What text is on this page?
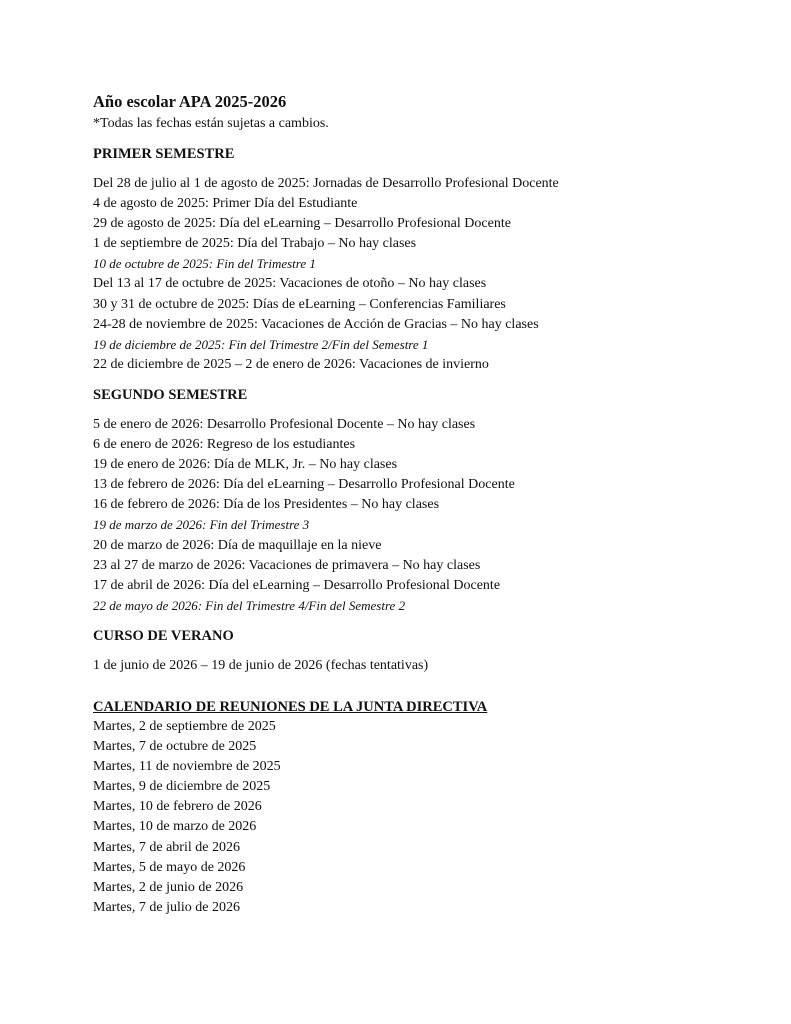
Año escolar APA 2025-2026

*Todas las fechas están sujetas a cambios.

PRIMER SEMESTRE
Del 28 de julio al 1 de agosto de 2025: Jornadas de Desarrollo Profesional Docente
4 de agosto de 2025: Primer Día del Estudiante
29 de agosto de 2025: Día del eLearning – Desarrollo Profesional Docente
1 de septiembre de 2025: Día del Trabajo – No hay clases
10 de octubre de 2025: Fin del Trimestre 1
Del 13 al 17 de octubre de 2025: Vacaciones de otoño – No hay clases
30 y 31 de octubre de 2025: Días de eLearning – Conferencias Familiares
24-28 de noviembre de 2025: Vacaciones de Acción de Gracias – No hay clases
19 de diciembre de 2025: Fin del Trimestre 2/Fin del Semestre 1
22 de diciembre de 2025 – 2 de enero de 2026: Vacaciones de invierno
SEGUNDO SEMESTRE
5 de enero de 2026: Desarrollo Profesional Docente – No hay clases
6 de enero de 2026: Regreso de los estudiantes
19 de enero de 2026: Día de MLK, Jr. – No hay clases
13 de febrero de 2026: Día del eLearning – Desarrollo Profesional Docente
16 de febrero de 2026: Día de los Presidentes – No hay clases
19 de marzo de 2026: Fin del Trimestre 3
20 de marzo de 2026: Día de maquillaje en la nieve
23 al 27 de marzo de 2026: Vacaciones de primavera – No hay clases
17 de abril de 2026: Día del eLearning – Desarrollo Profesional Docente
22 de mayo de 2026: Fin del Trimestre 4/Fin del Semestre 2
CURSO DE VERANO
1 de junio de 2026 – 19 de junio de 2026 (fechas tentativas)
CALENDARIO DE REUNIONES DE LA JUNTA DIRECTIVA
Martes, 2 de septiembre de 2025
Martes, 7 de octubre de 2025
Martes, 11 de noviembre de 2025
Martes, 9 de diciembre de 2025
Martes, 10 de febrero de 2026
Martes, 10 de marzo de 2026
Martes, 7 de abril de 2026
Martes, 5 de mayo de 2026
Martes, 2 de junio de 2026
Martes, 7 de julio de 2026
